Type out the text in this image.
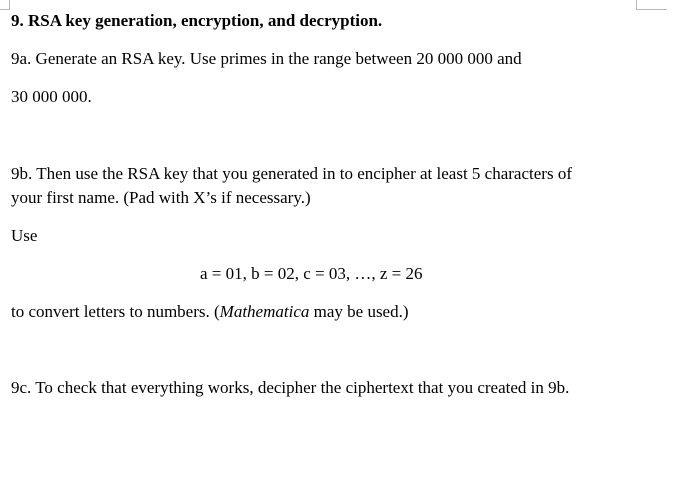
9. RSA key generation, encryption, and decryption.
9a. Generate an RSA key. Use primes in the range between 20 000 000 and
30 000 000.
9b. Then use the RSA key that you generated in to encipher at least 5 characters of
your first name. (Pad with X’s if necessary.)
Use
a = 01, b = 02, c = 03, …, z = 26
to convert letters to numbers. (Mathematica may be used.)
9c. To check that everything works, decipher the ciphertext that you created in 9b.
